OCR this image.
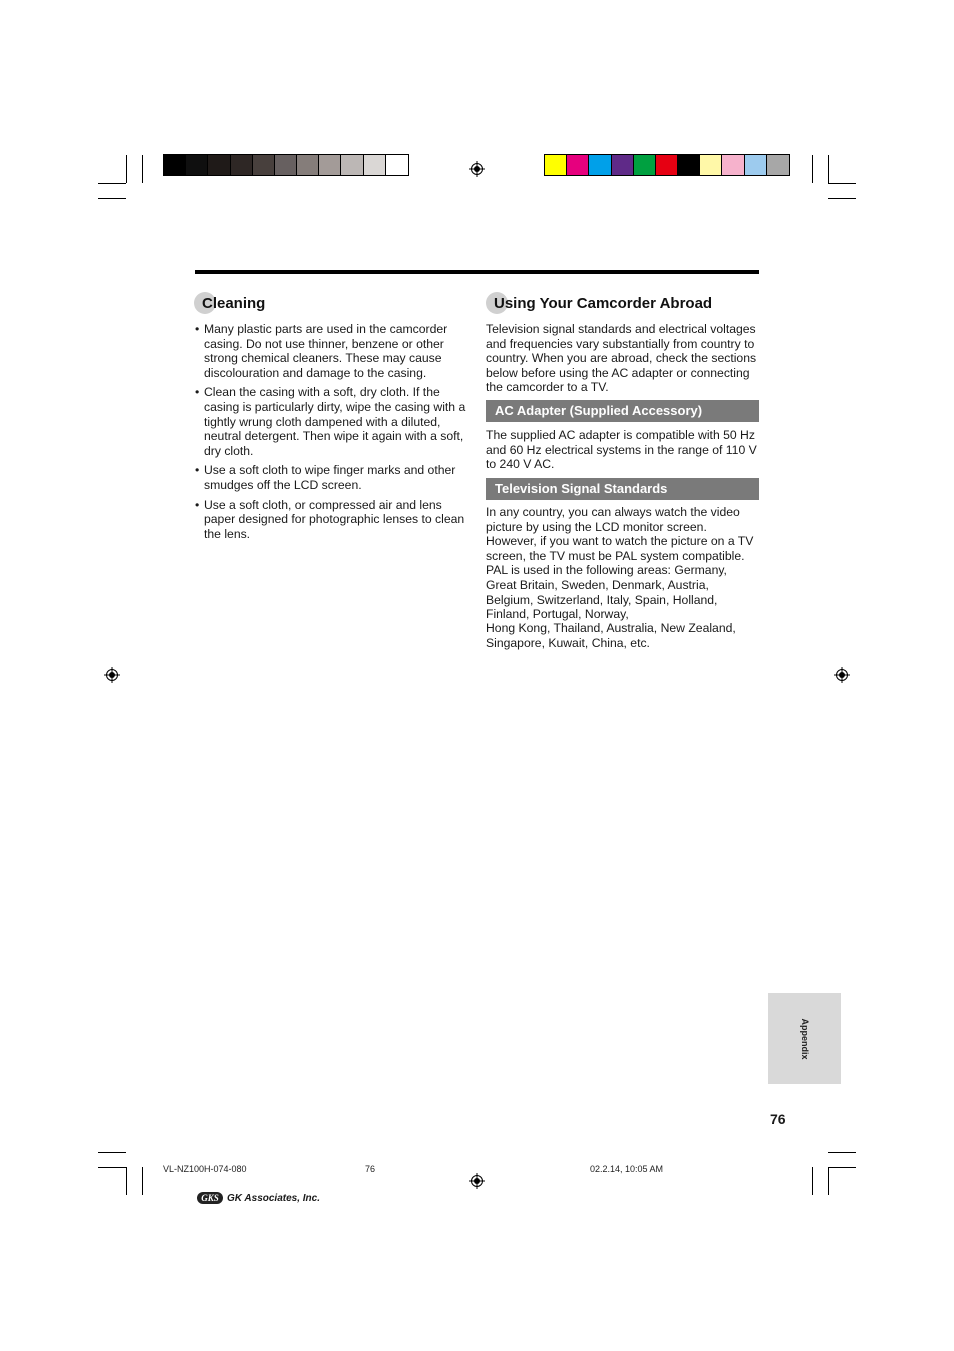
Cleaning
• Many plastic parts are used in the camcorder casing. Do not use thinner, benzene or other strong chemical cleaners. These may cause discolouration and damage to the casing.
• Clean the casing with a soft, dry cloth. If the casing is particularly dirty, wipe the casing with a tightly wrung cloth dampened with a diluted, neutral detergent. Then wipe it again with a soft, dry cloth.
• Use a soft cloth to wipe finger marks and other smudges off the LCD screen.
• Use a soft cloth, or compressed air and lens paper designed for photographic lenses to clean the lens.
Using Your Camcorder Abroad

Television signal standards and electrical voltages and frequencies vary substantially from country to country. When you are abroad, check the sections below before using the AC adapter or connecting the camcorder to a TV.

AC Adapter (Supplied Accessory)

The supplied AC adapter is compatible with 50 Hz and 60 Hz electrical systems in the range of 110 V to 240 V AC.

Television Signal Standards

In any country, you can always watch the video picture by using the LCD monitor screen. However, if you want to watch the picture on a TV screen, the TV must be PAL system compatible. PAL is used in the following areas: Germany, Great Britain, Sweden, Denmark, Austria, Belgium, Switzerland, Italy, Spain, Holland, Finland, Portugal, Norway,

Hong Kong, Thailand, Australia, New Zealand, Singapore, Kuwait, China, etc.

Appendix
76
VL-NZ100H-074-080	76	02.2.14, 10:05 AM
GKS GK Associates, Inc.
